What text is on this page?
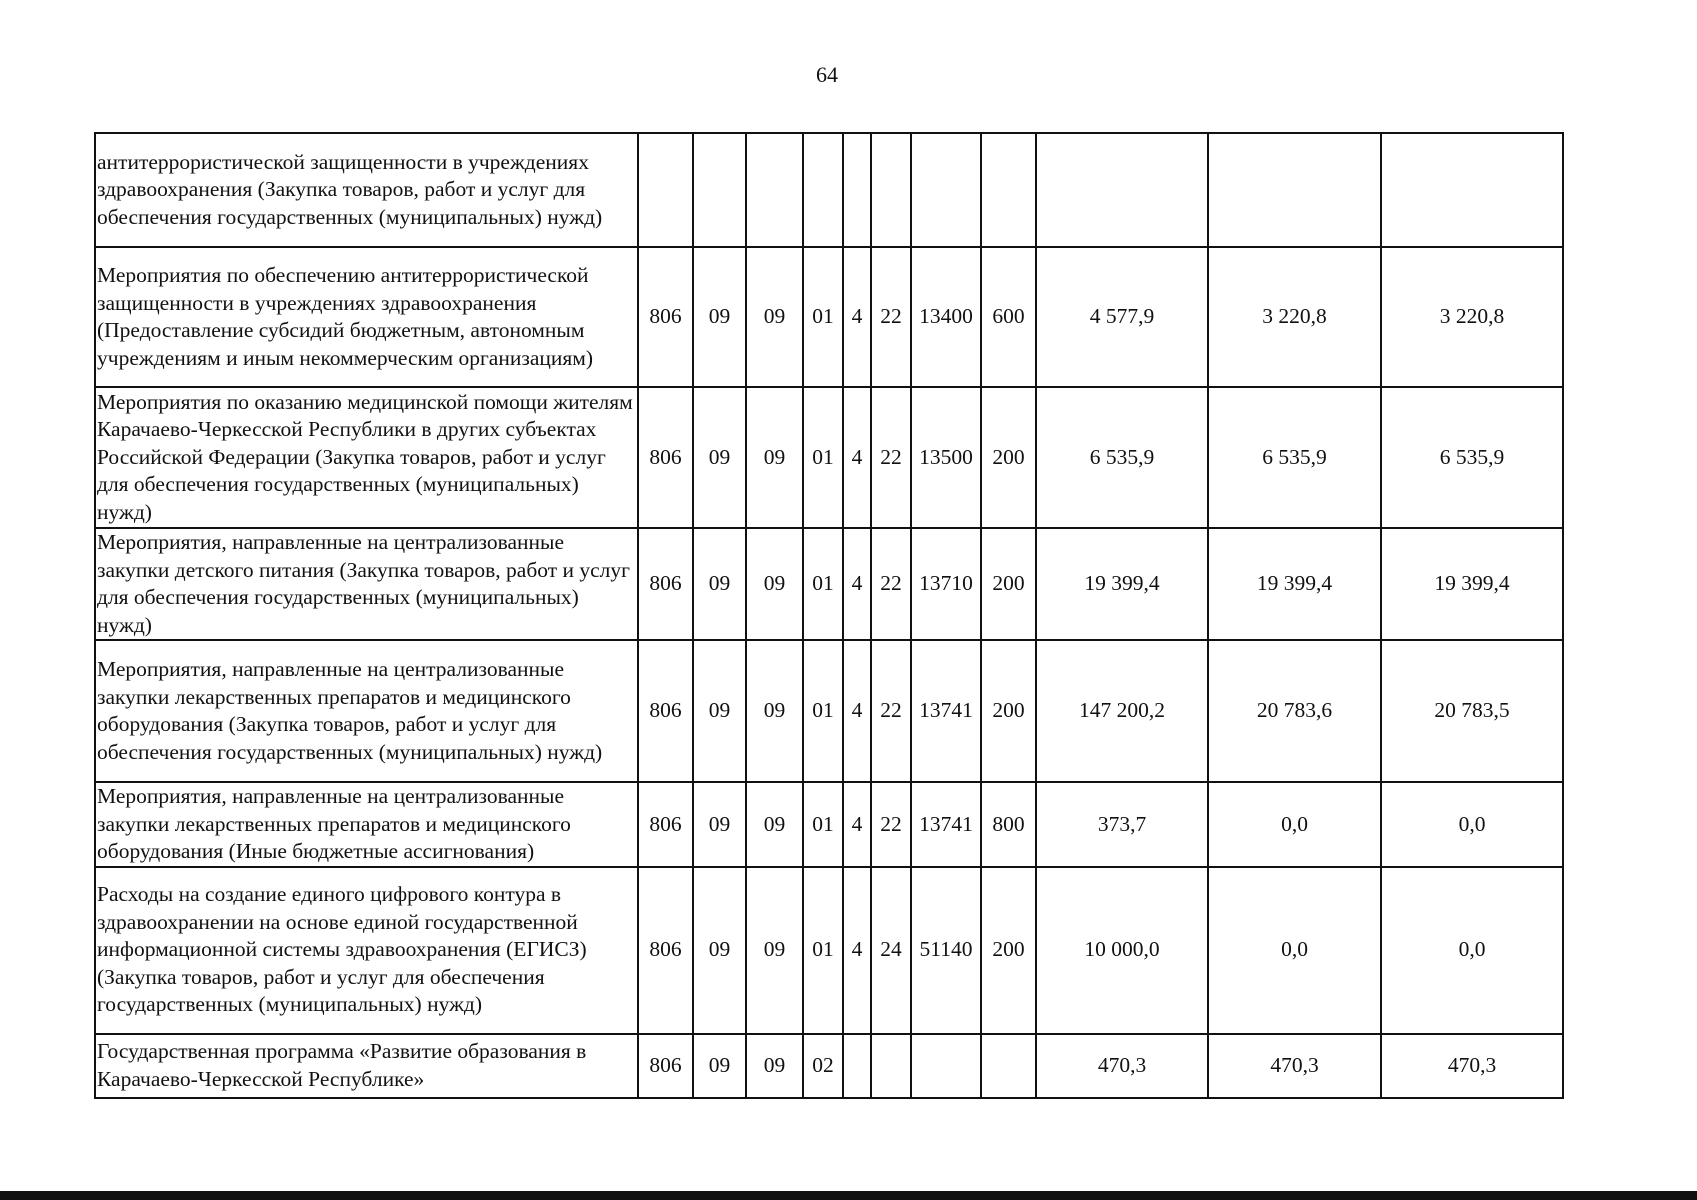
64
антитеррористической защищенности в учреждениях здравоохранения (Закупка товаров, работ и услуг для обеспечения государственных (муниципальных) нужд)											
Мероприятия по обеспечению антитеррористической защищенности в учреждениях здравоохранения (Предоставление субсидий бюджетным, автономным учреждениям и иным некоммерческим организациям)	806	09	09	01	4	22	13400	600	4 577,9	3 220,8	3 220,8
Мероприятия по оказанию медицинской помощи жителям Карачаево-Черкесской Республики в других субъектах Российской Федерации (Закупка товаров, работ и услуг для обеспечения государственных (муниципальных) нужд)	806	09	09	01	4	22	13500	200	6 535,9	6 535,9	6 535,9
Мероприятия, направленные на централизованные закупки детского питания (Закупка товаров, работ и услуг для обеспечения государственных (муниципальных) нужд)	806	09	09	01	4	22	13710	200	19 399,4	19 399,4	19 399,4
Мероприятия, направленные на централизованные закупки лекарственных препаратов и медицинского оборудования (Закупка товаров, работ и услуг для обеспечения государственных (муниципальных) нужд)	806	09	09	01	4	22	13741	200	147 200,2	20 783,6	20 783,5
Мероприятия, направленные на централизованные закупки лекарственных препаратов и медицинского оборудования (Иные бюджетные ассигнования)	806	09	09	01	4	22	13741	800	373,7	0,0	0,0
Расходы на создание единого цифрового контура в здравоохранении на основе единой государственной информационной системы здравоохранения (ЕГИСЗ) (Закупка товаров, работ и услуг для обеспечения государственных (муниципальных) нужд)	806	09	09	01	4	24	51140	200	10 000,0	0,0	0,0
Государственная программа «Развитие образования в Карачаево-Черкесской Республике»	806	09	09	02					470,3	470,3	470,3
